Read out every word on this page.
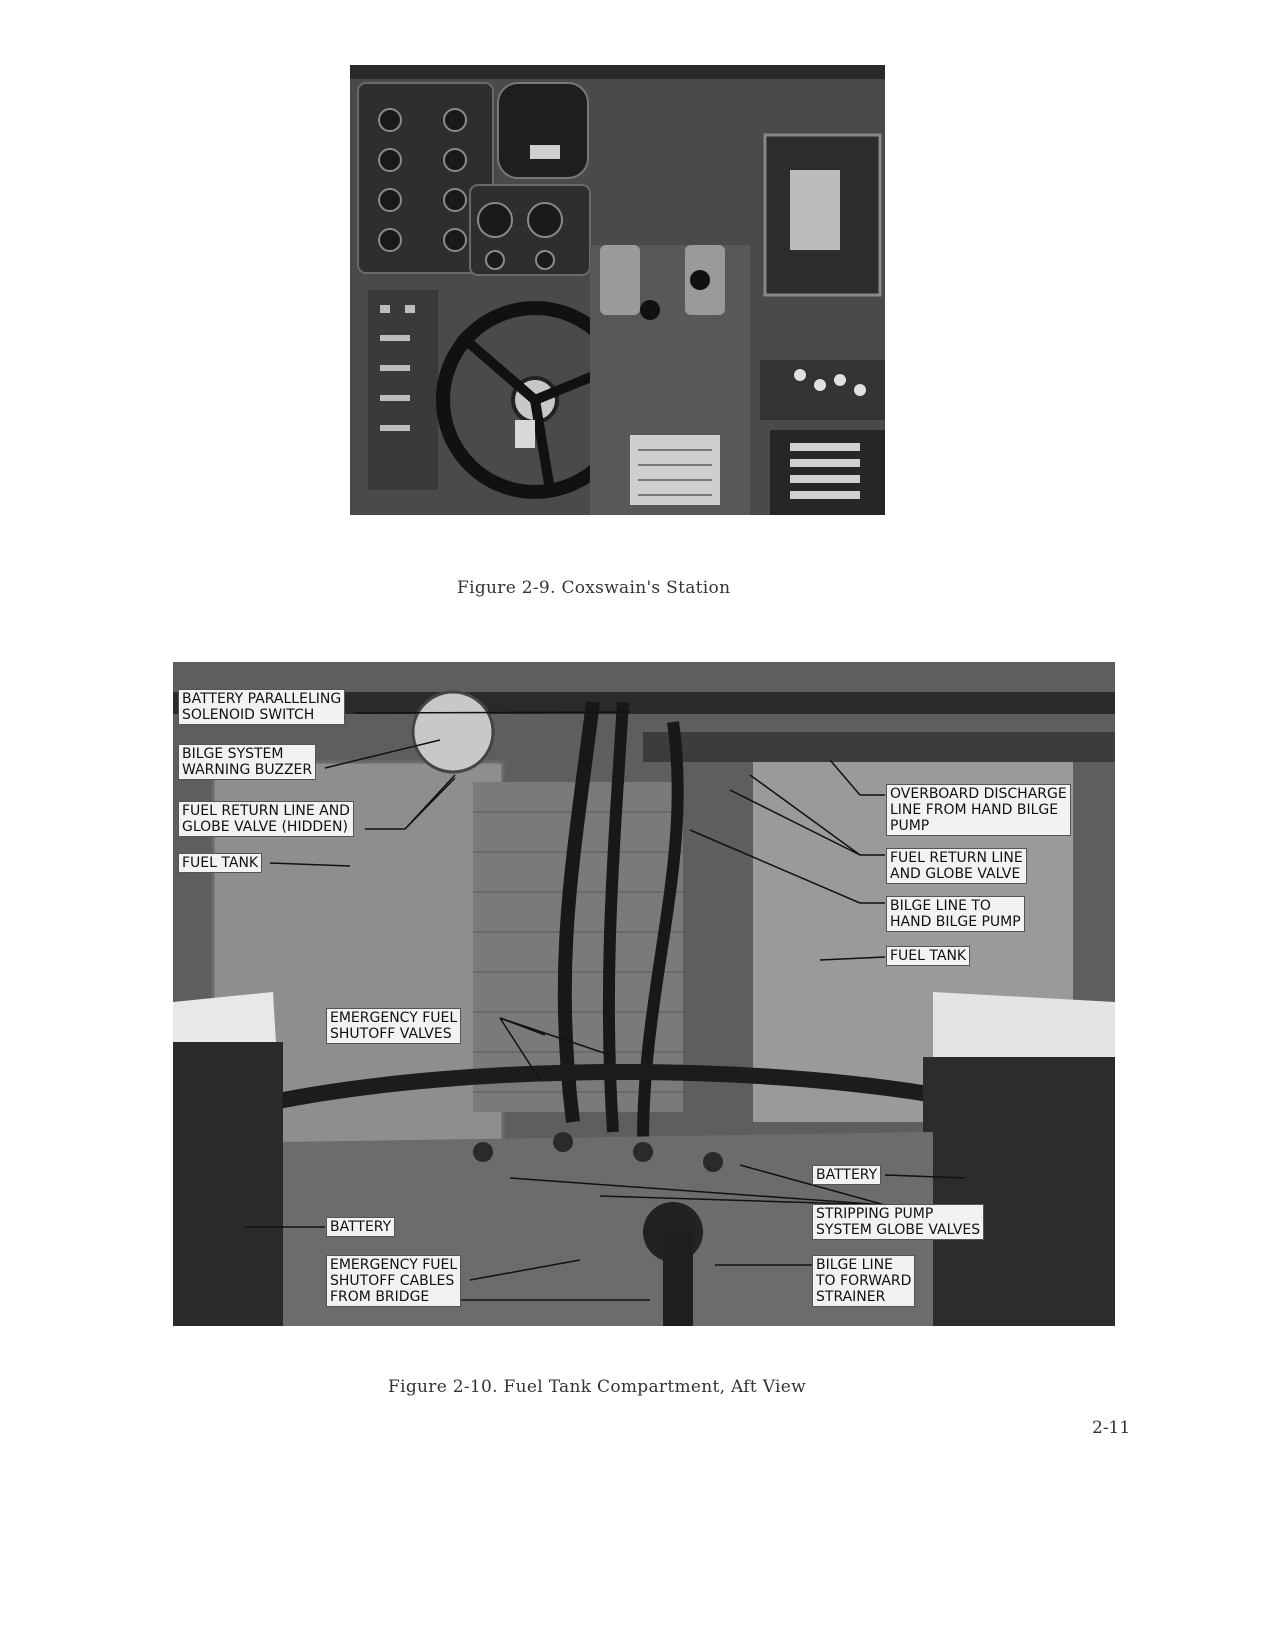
Figure 2-9. Coxswain's Station
BATTERY PARALLELING
SOLENOID SWITCH
BILGE SYSTEM
WARNING BUZZER
FUEL RETURN LINE AND
GLOBE VALVE (HIDDEN)
FUEL TANK
OVERBOARD DISCHARGE
LINE FROM HAND BILGE
PUMP
FUEL RETURN LINE
AND GLOBE VALVE
BILGE LINE TO
HAND BILGE PUMP
FUEL TANK
EMERGENCY FUEL
SHUTOFF VALVES
BATTERY
STRIPPING PUMP
SYSTEM GLOBE VALVES
BATTERY
EMERGENCY FUEL
SHUTOFF CABLES
FROM BRIDGE
BILGE LINE
TO FORWARD
STRAINER
Figure 2-10. Fuel Tank Compartment, Aft View
2-11
